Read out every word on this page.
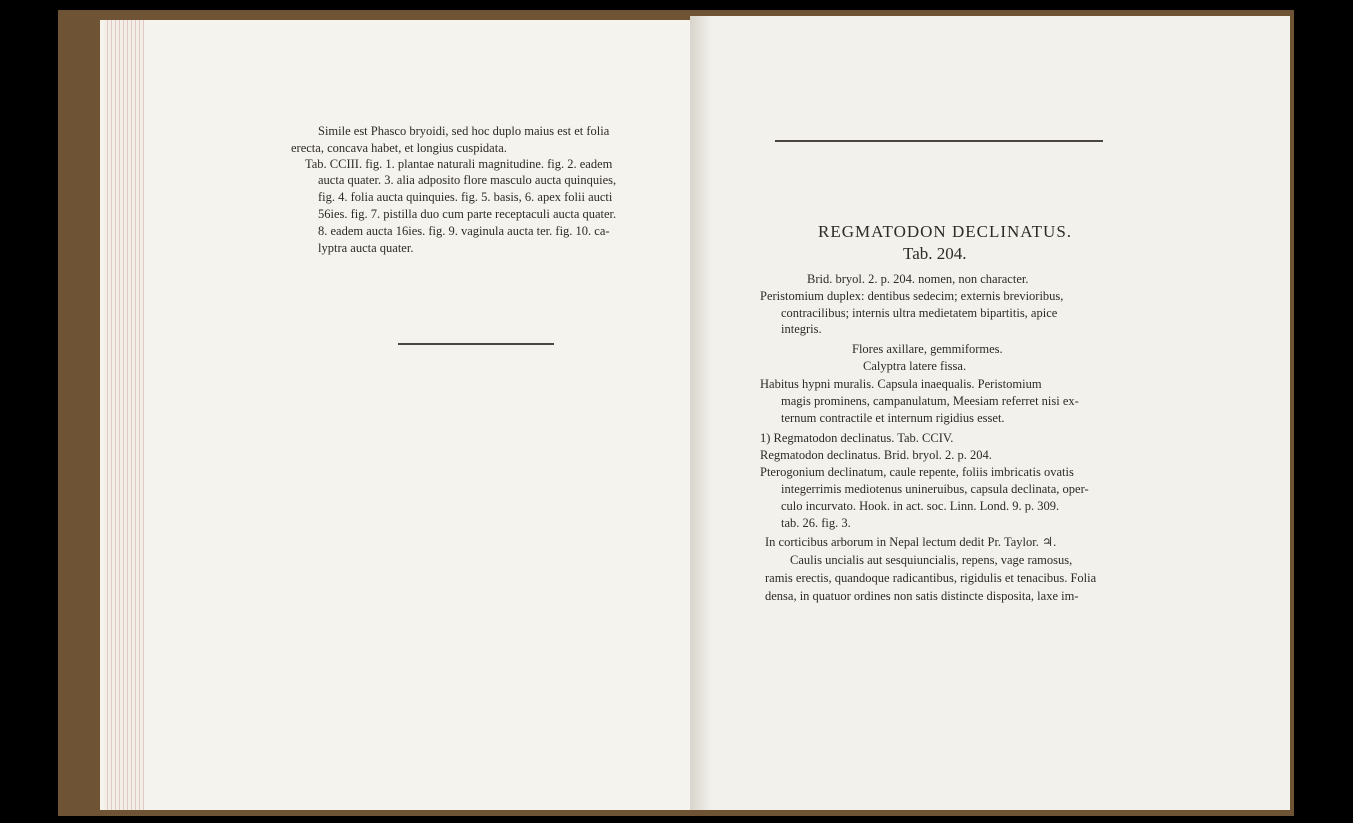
Simile est Phasco bryoidi, sed hoc duplo maius est et folia
erecta, concava habet, et longius cuspidata.
Tab. CCIII. fig. 1. plantae naturali magnitudine. fig. 2. eadem
aucta quater. 3. alia adposito flore masculo aucta quinquies,
fig. 4. folia aucta quinquies. fig. 5. basis, 6. apex folii aucti
56ies. fig. 7. pistilla duo cum parte receptaculi aucta quater.
8. eadem aucta 16ies. fig. 9. vaginula aucta ter. fig. 10. ca-
lyptra aucta quater.
REGMATODON DECLINATUS.
Tab. 204.
Brid. bryol. 2. p. 204. nomen, non character.
Peristomium duplex: dentibus sedecim; externis brevioribus,
contracilibus; internis ultra medietatem bipartitis, apice
integris.
Flores axillare, gemmiformes.
Calyptra latere fissa.
Habitus hypni muralis. Capsula inaequalis. Peristomium
magis prominens, campanulatum, Meesiam referret nisi ex-
ternum contractile et internum rigidius esset.
1) Regmatodon declinatus. Tab. CCIV.
Regmatodon declinatus. Brid. bryol. 2. p. 204.
Pterogonium declinatum, caule repente, foliis imbricatis ovatis
integerrimis mediotenus unineruibus, capsula declinata, oper-
culo incurvato. Hook. in act. soc. Linn. Lond. 9. p. 309.
tab. 26. fig. 3.
In corticibus arborum in Nepal lectum dedit Pr. Taylor. ♃.
Caulis uncialis aut sesquiuncialis, repens, vage ramosus,
ramis erectis, quandoque radicantibus, rigidulis et tenacibus. Folia
densa, in quatuor ordines non satis distincte disposita, laxe im-
